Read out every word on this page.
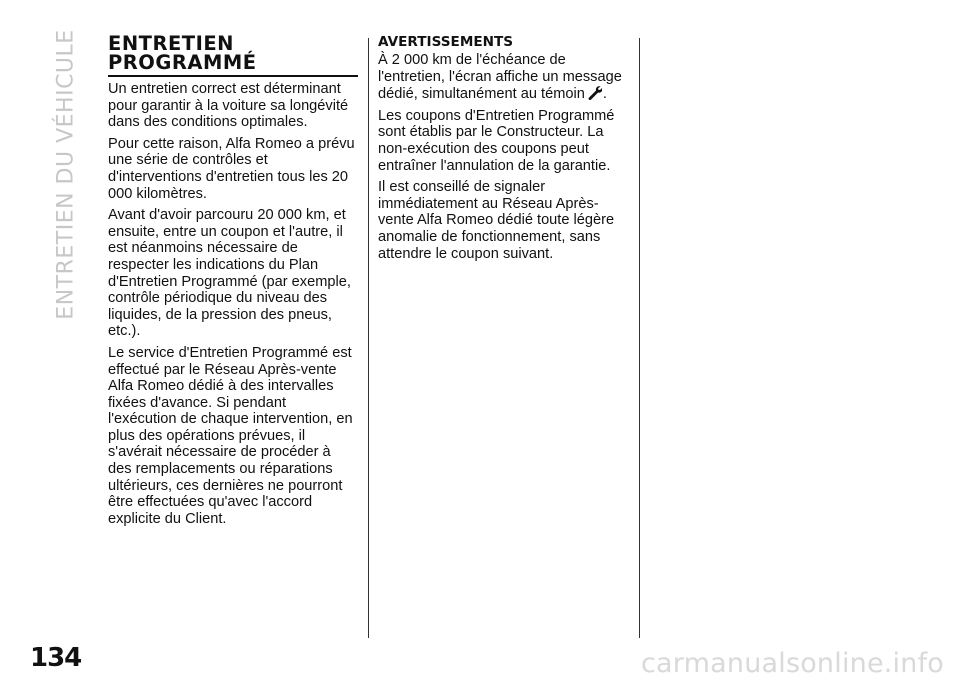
ENTRETIEN DU VÉHICULE ENTRETIEN
PROGRAMMÉ

Un entretien correct est déterminant pour garantir à la voiture sa longévité dans des conditions optimales.

Pour cette raison, Alfa Romeo a prévu une série de contrôles et d'interventions d'entretien tous les 20 000 kilomètres.

Avant d'avoir parcouru 20 000 km, et ensuite, entre un coupon et l'autre, il est néanmoins nécessaire de respecter les indications du Plan d'Entretien Programmé (par exemple, contrôle périodique du niveau des liquides, de la pression des pneus, etc.).

Le service d'Entretien Programmé est effectué par le Réseau Après-vente Alfa Romeo dédié à des intervalles fixées d'avance. Si pendant l'exécution de chaque intervention, en plus des opérations prévues, il s'avérait nécessaire de procéder à des remplacements ou réparations ultérieurs, ces dernières ne pourront être effectuées qu'avec l'accord explicite du Client.

AVERTISSEMENTS

À 2 000 km de l'échéance de l'entretien, l'écran affiche un message dédié, simultanément au témoin .

Les coupons d'Entretien Programmé sont établis par le Constructeur. La non-exécution des coupons peut entraîner l'annulation de la garantie.

Il est conseillé de signaler immédiatement au Réseau Après-vente Alfa Romeo dédié toute légère anomalie de fonctionnement, sans attendre le coupon suivant.

134	carmanualsonline.info
